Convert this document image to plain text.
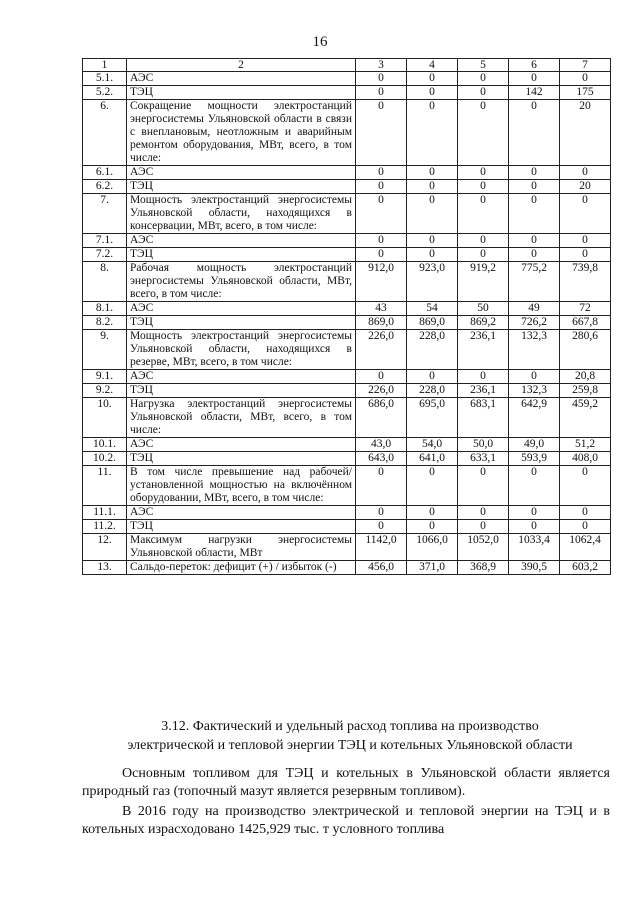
16
1	2	3	4	5	6	7
5.1.	АЭС	0	0	0	0	0
5.2.	ТЭЦ	0	0	0	142	175
6.	Сокращение мощности электростанций энергосистемы Ульяновской области в связи с внеплановым, неотложным и аварийным ремонтом оборудования, МВт, всего, в том числе:	0	0	0	0	20
6.1.	АЭС	0	0	0	0	0
6.2.	ТЭЦ	0	0	0	0	20
7.	Мощность электростанций энергосистемы Ульяновской области, находящихся в консервации, МВт, всего, в том числе:	0	0	0	0	0
7.1.	АЭС	0	0	0	0	0
7.2.	ТЭЦ	0	0	0	0	0
8.	Рабочая мощность электростанций энергосистемы Ульяновской области, МВт, всего, в том числе:	912,0	923,0	919,2	775,2	739,8
8.1.	АЭС	43	54	50	49	72
8.2.	ТЭЦ	869,0	869,0	869,2	726,2	667,8
9.	Мощность электростанций энергосистемы Ульяновской области, находящихся в резерве, МВт, всего, в том числе:	226,0	228,0	236,1	132,3	280,6
9.1.	АЭС	0	0	0	0	20,8
9.2.	ТЭЦ	226,0	228,0	236,1	132,3	259,8
10.	Нагрузка электростанций энергосистемы Ульяновской области, МВт, всего, в том числе:	686,0	695,0	683,1	642,9	459,2
10.1.	АЭС	43,0	54,0	50,0	49,0	51,2
10.2.	ТЭЦ	643,0	641,0	633,1	593,9	408,0
11.	В том числе превышение над рабочей/установленной мощностью на включённом оборудовании, МВт, всего, в том числе:	0	0	0	0	0
11.1.	АЭС	0	0	0	0	0
11.2.	ТЭЦ	0	0	0	0	0
12.	Максимум нагрузки энергосистемы Ульяновской области, МВт	1142,0	1066,0	1052,0	1033,4	1062,4
13.	Сальдо-переток: дефицит (+) / избыток (-)	456,0	371,0	368,9	390,5	603,2
3.12. Фактический и удельный расход топлива на производство
электрической и тепловой энергии ТЭЦ и котельных Ульяновской области
Основным топливом для ТЭЦ и котельных в Ульяновской области является природный газ (топочный мазут является резервным топливом).
В 2016 году на производство электрической и тепловой энергии на ТЭЦ и в котельных израсходовано 1425,929 тыс. т условного топлива
